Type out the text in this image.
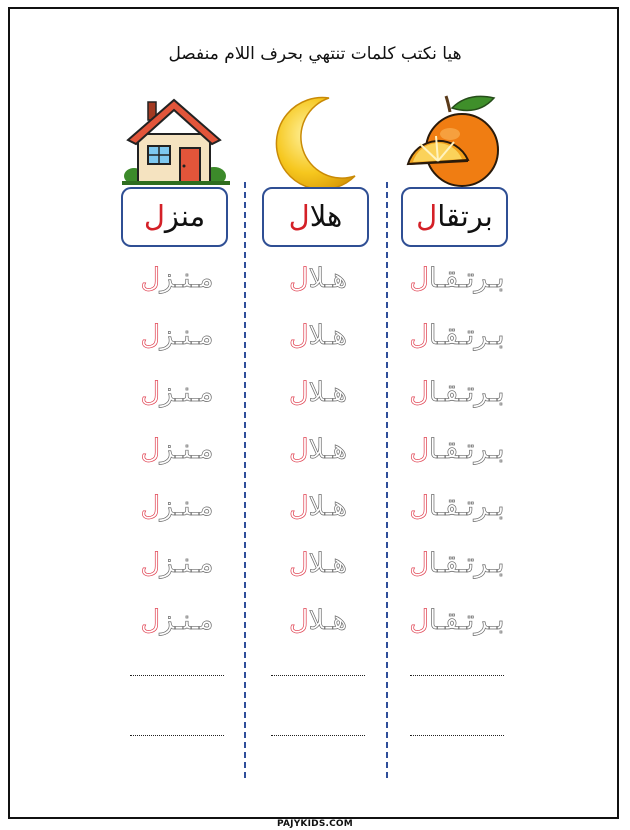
هيا نكتب كلمات تنتهي بحرف اللام منفصل
برتقال
بـرتـقـال
بـرتـقـال
بـرتـقـال
بـرتـقـال
بـرتـقـال
بـرتـقـال
بـرتـقـال
هلال
هـلال
هـلال
هـلال
هـلال
هـلال
هـلال
هـلال
منزل
مـنـزل
مـنـزل
مـنـزل
مـنـزل
مـنـزل
مـنـزل
مـنـزل
PAJYKIDS.COM
